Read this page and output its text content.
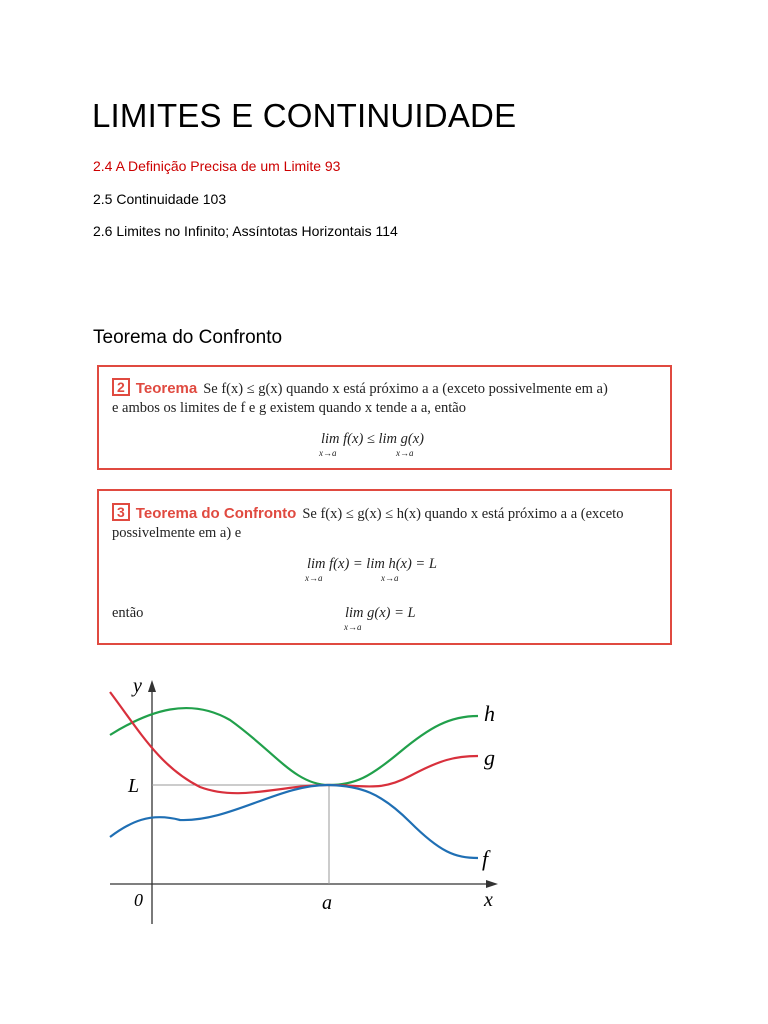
LIMITES E CONTINUIDADE
2.4 A Definição Precisa de um Limite 93
2.5 Continuidade 103
2.6 Limites no Infinito; Assíntotas Horizontais 114
Teorema do Confronto
2 Teorema Se f(x) ≤ g(x) quando x está próximo a a (exceto possivelmente em a)
e ambos os limites de f e g existem quando x tende a a, então
lim f(x) ≤ lim g(x)
x→a	x→a
3 Teorema do Confronto Se f(x) ≤ g(x) ≤ h(x) quando x está próximo a a (exceto
possivelmente em a) e
lim f(x) = lim h(x) = L
x→a	x→a
então	lim g(x) = L
x→a
y
x
0
L
a
h
g
f
